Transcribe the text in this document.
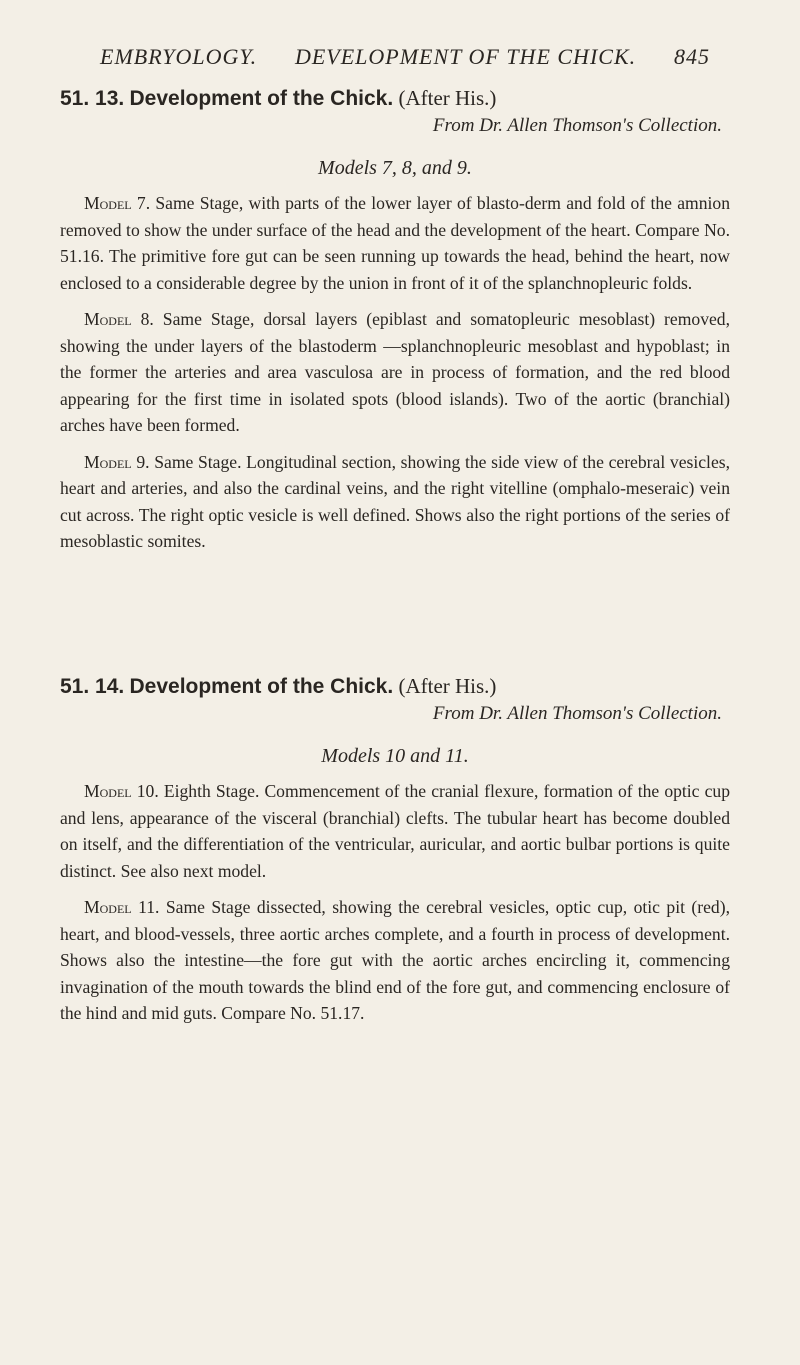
EMBRYOLOGY. DEVELOPMENT OF THE CHICK. 845
51. 13. Development of the Chick. (After His.)
From Dr. Allen Thomson's Collection.
Models 7, 8, and 9.

Model 7. Same Stage, with parts of the lower layer of blasto-derm and fold of the amnion removed to show the under surface of the head and the development of the heart. Compare No. 51.16. The primitive fore gut can be seen running up towards the head, behind the heart, now enclosed to a considerable degree by the union in front of it of the splanchnopleuric folds.

Model 8. Same Stage, dorsal layers (epiblast and somatopleuric mesoblast) removed, showing the under layers of the blastoderm —splanchnopleuric mesoblast and hypoblast; in the former the arteries and area vasculosa are in process of formation, and the red blood appearing for the first time in isolated spots (blood islands). Two of the aortic (branchial) arches have been formed.

Model 9. Same Stage. Longitudinal section, showing the side view of the cerebral vesicles, heart and arteries, and also the cardinal veins, and the right vitelline (omphalo-meseraic) vein cut across. The right optic vesicle is well defined. Shows also the right portions of the series of mesoblastic somites.

51. 14. Development of the Chick. (After His.)
From Dr. Allen Thomson's Collection.
Models 10 and 11.

Model 10. Eighth Stage. Commencement of the cranial flexure, formation of the optic cup and lens, appearance of the visceral (branchial) clefts. The tubular heart has become doubled on itself, and the differentiation of the ventricular, auricular, and aortic bulbar portions is quite distinct. See also next model.

Model 11. Same Stage dissected, showing the cerebral vesicles, optic cup, otic pit (red), heart, and blood-vessels, three aortic arches complete, and a fourth in process of development. Shows also the intestine—the fore gut with the aortic arches encircling it, commencing invagination of the mouth towards the blind end of the fore gut, and commencing enclosure of the hind and mid guts. Compare No. 51.17.
